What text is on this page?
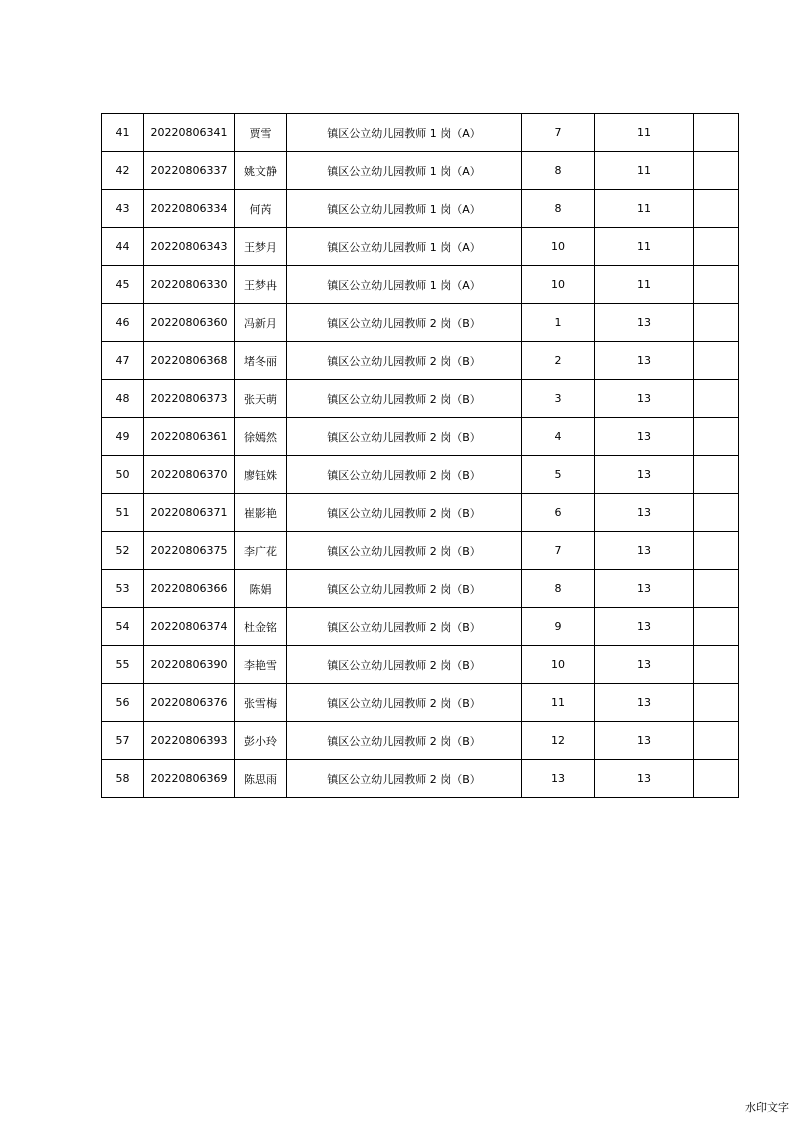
41	20220806341	贾雪	镇区公立幼儿园教师 1 岗（A）	7	11	
42	20220806337	姚文静	镇区公立幼儿园教师 1 岗（A）	8	11	
43	20220806334	何芮	镇区公立幼儿园教师 1 岗（A）	8	11	
44	20220806343	王梦月	镇区公立幼儿园教师 1 岗（A）	10	11	
45	20220806330	王梦冉	镇区公立幼儿园教师 1 岗（A）	10	11	
46	20220806360	冯新月	镇区公立幼儿园教师 2 岗（B）	1	13	
47	20220806368	堵冬丽	镇区公立幼儿园教师 2 岗（B）	2	13	
48	20220806373	张天萌	镇区公立幼儿园教师 2 岗（B）	3	13	
49	20220806361	徐嫣然	镇区公立幼儿园教师 2 岗（B）	4	13	
50	20220806370	廖钰姝	镇区公立幼儿园教师 2 岗（B）	5	13	
51	20220806371	崔影艳	镇区公立幼儿园教师 2 岗（B）	6	13	
52	20220806375	李广花	镇区公立幼儿园教师 2 岗（B）	7	13	
53	20220806366	陈娟	镇区公立幼儿园教师 2 岗（B）	8	13	
54	20220806374	杜金铭	镇区公立幼儿园教师 2 岗（B）	9	13	
55	20220806390	李艳雪	镇区公立幼儿园教师 2 岗（B）	10	13	
56	20220806376	张雪梅	镇区公立幼儿园教师 2 岗（B）	11	13	
57	20220806393	彭小玲	镇区公立幼儿园教师 2 岗（B）	12	13	
58	20220806369	陈思雨	镇区公立幼儿园教师 2 岗（B）	13	13	
水印文字
